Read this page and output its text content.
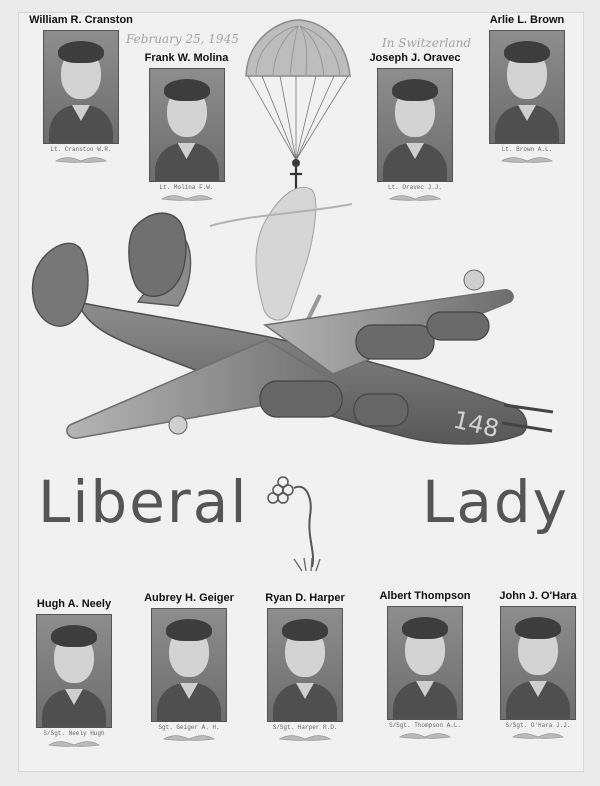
February 25, 1945	In Switzerland
William R. Cranston
Lt. Cranston W.R.
Frank W. Molina
Lt. Molina F.W.
Joseph J. Oravec
Lt. Oravec J.J.
Arlie L. Brown
Lt. Brown A.L.
148
Liberal	Lady
Hugh A. Neely
S/Sgt. Neely Hugh
Aubrey H. Geiger
Sgt. Geiger A. H.
Ryan D. Harper
S/Sgt. Harper R.D.
Albert Thompson
S/Sgt. Thompson A.L.
John J. O'Hara
S/Sgt. O'Hara J.J.
